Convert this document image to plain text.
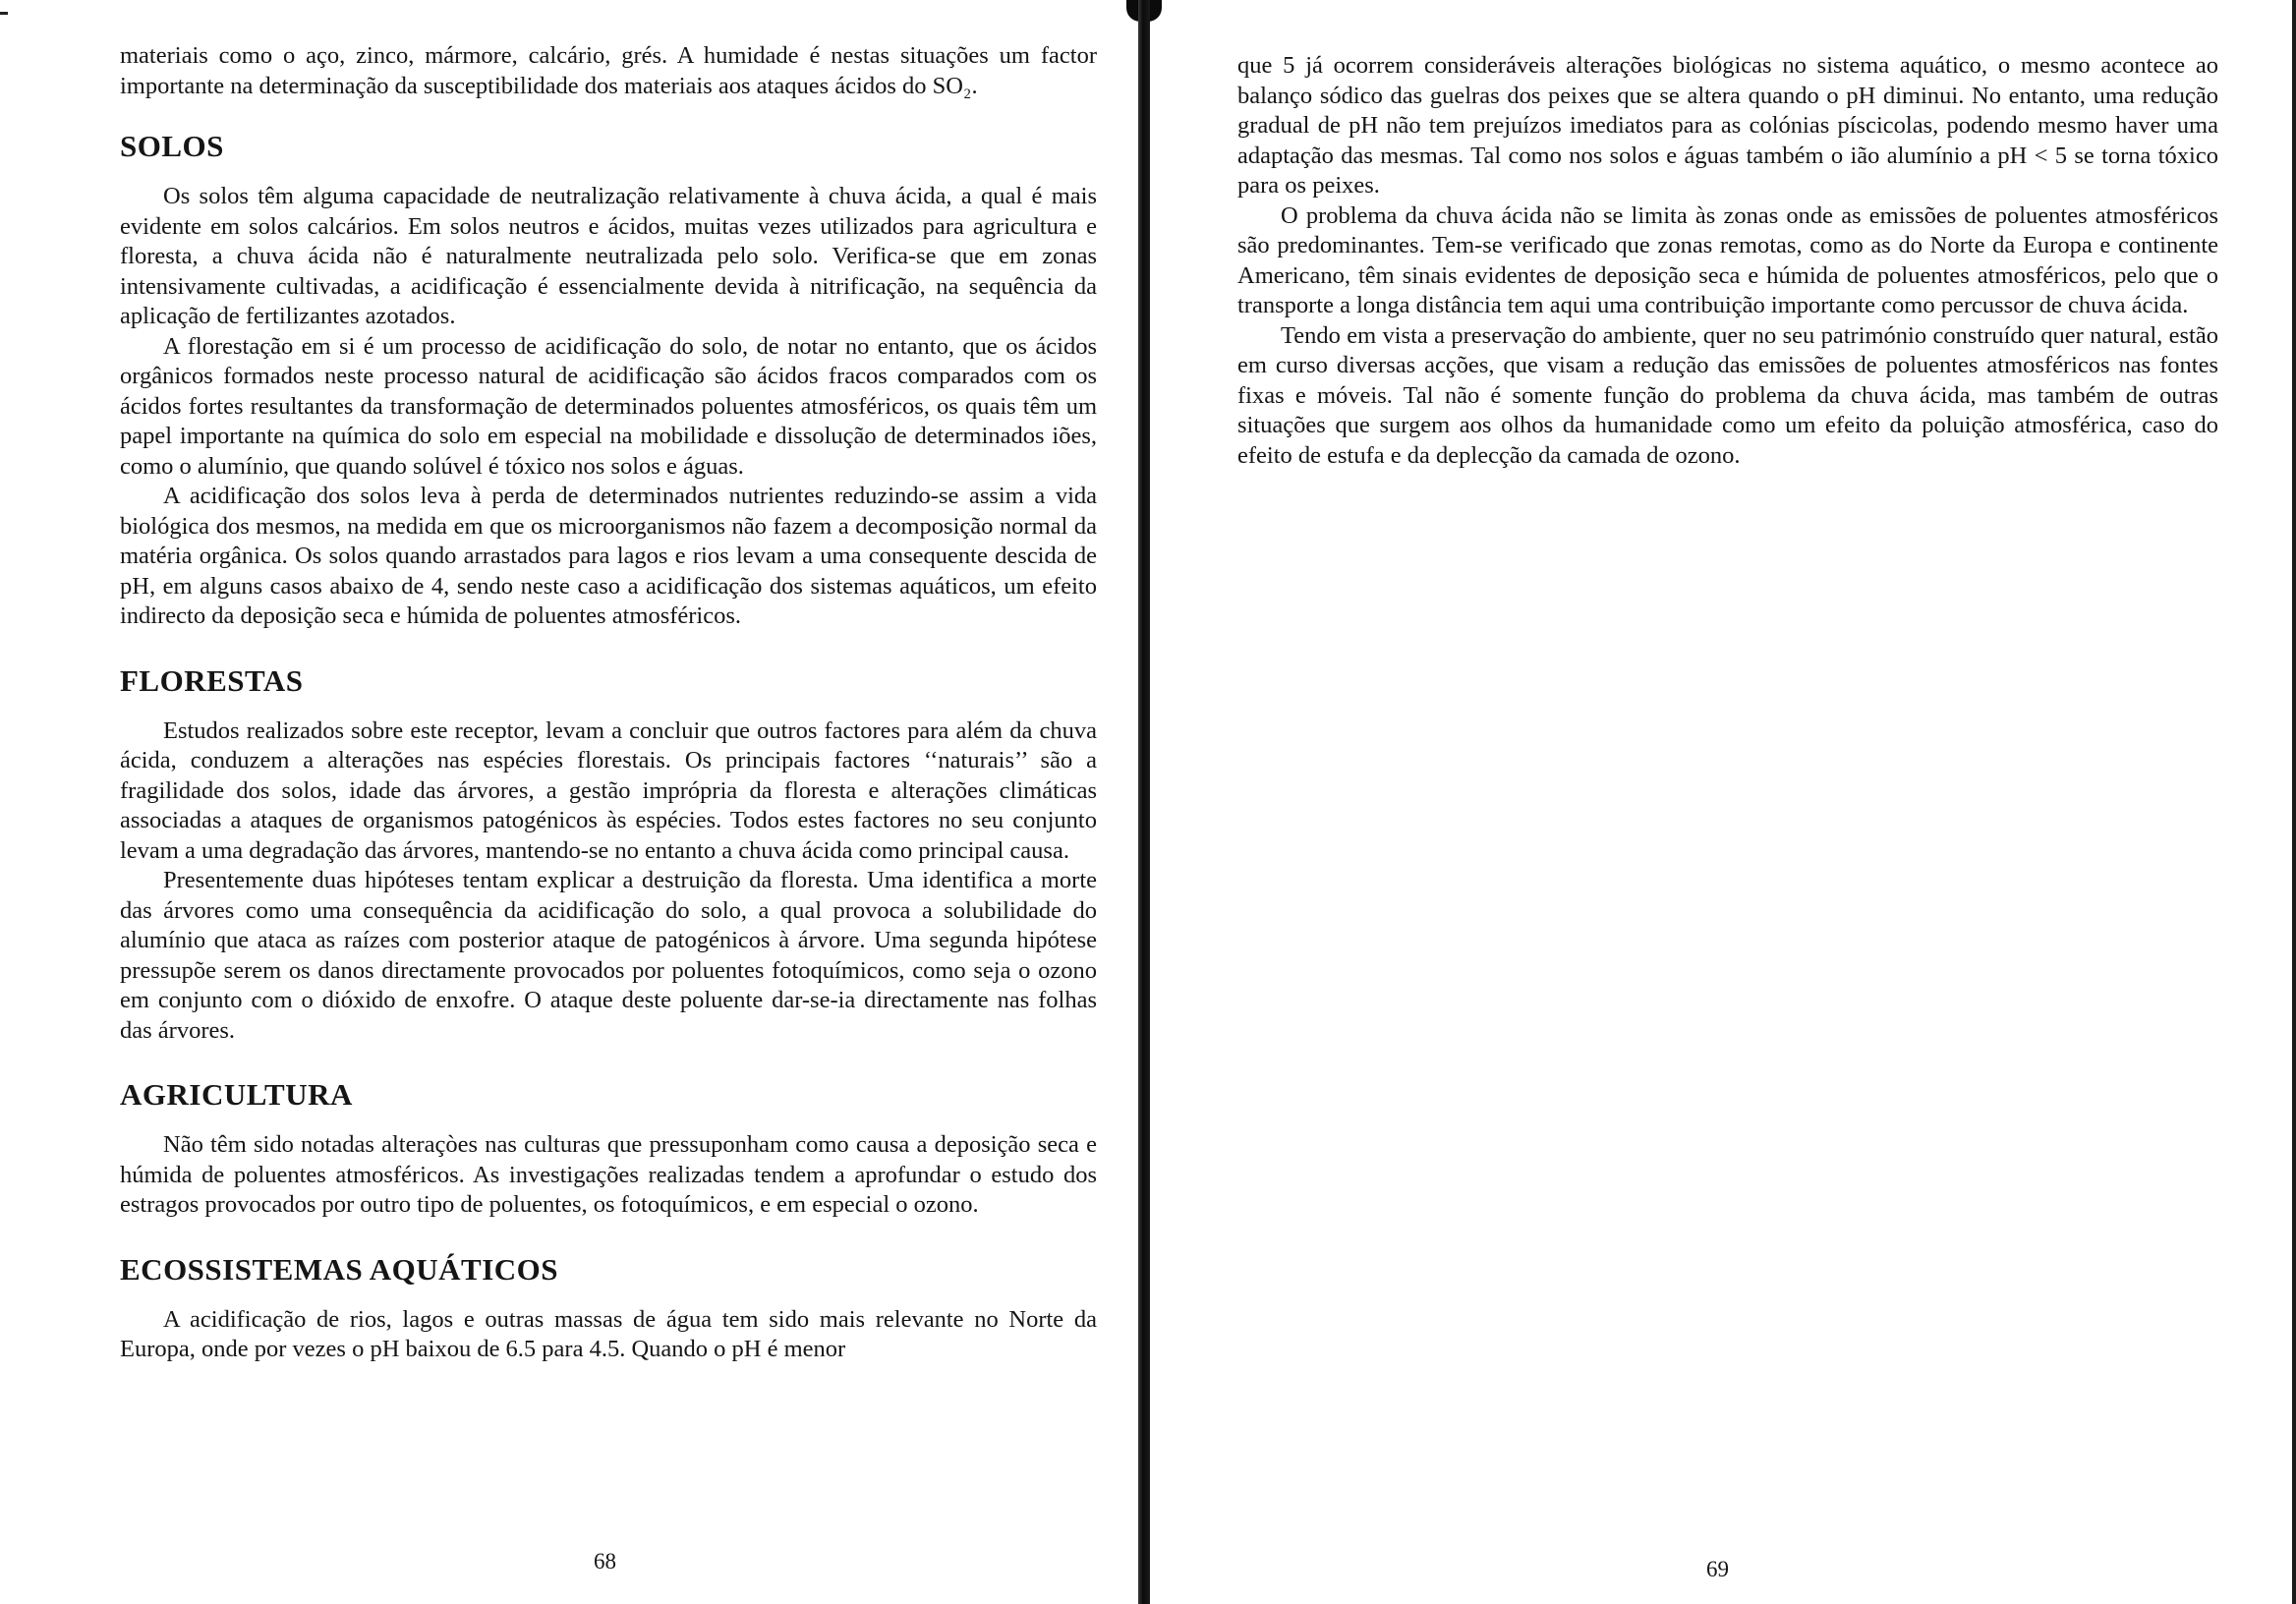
materiais como o aço, zinco, mármore, calcário, grés. A humidade é nestas situações um factor importante na determinação da susceptibilidade dos materiais aos ataques ácidos do SO₂.

SOLOS

Os solos têm alguma capacidade de neutralização relativamente à chuva ácida, a qual é mais evidente em solos calcários. Em solos neutros e ácidos, muitas vezes utilizados para agricultura e floresta, a chuva ácida não é naturalmente neutralizada pelo solo. Verifica-se que em zonas intensivamente cultivadas, a acidificação é essencialmente devida à nitrificação, na sequência da aplicação de fertilizantes azotados.

A florestação em si é um processo de acidificação do solo, de notar no entanto, que os ácidos orgânicos formados neste processo natural de acidificação são ácidos fracos comparados com os ácidos fortes resultantes da transformação de determinados poluentes atmosféricos, os quais têm um papel importante na química do solo em especial na mobilidade e dissolução de determinados iões, como o alumínio, que quando solúvel é tóxico nos solos e águas.

A acidificação dos solos leva à perda de determinados nutrientes reduzindo-se assim a vida biológica dos mesmos, na medida em que os microorganismos não fazem a decomposição normal da matéria orgânica. Os solos quando arrastados para lagos e rios levam a uma consequente descida de pH, em alguns casos abaixo de 4, sendo neste caso a acidificação dos sistemas aquáticos, um efeito indirecto da deposição seca e húmida de poluentes atmosféricos.

FLORESTAS

Estudos realizados sobre este receptor, levam a concluir que outros factores para além da chuva ácida, conduzem a alterações nas espécies florestais. Os principais factores ‘‘naturais’’ são a fragilidade dos solos, idade das árvores, a gestão imprópria da floresta e alterações climáticas associadas a ataques de organismos patogénicos às espécies. Todos estes factores no seu conjunto levam a uma degradação das árvores, mantendo-se no entanto a chuva ácida como principal causa.

Presentemente duas hipóteses tentam explicar a destruição da floresta. Uma identifica a morte das árvores como uma consequência da acidificação do solo, a qual provoca a solubilidade do alumínio que ataca as raízes com posterior ataque de patogénicos à árvore. Uma segunda hipótese pressupõe serem os danos directamente provocados por poluentes fotoquímicos, como seja o ozono em conjunto com o dióxido de enxofre. O ataque deste poluente dar-se-ia directamente nas folhas das árvores.

AGRICULTURA

Não têm sido notadas alteraçòes nas culturas que pressuponham como causa a deposição seca e húmida de poluentes atmosféricos. As investigações realizadas tendem a aprofundar o estudo dos estragos provocados por outro tipo de poluentes, os fotoquímicos, e em especial o ozono.

ECOSSISTEMAS AQUÁTICOS

A acidificação de rios, lagos e outras massas de água tem sido mais relevante no Norte da Europa, onde por vezes o pH baixou de 6.5 para 4.5. Quando o pH é menor

68

que 5 já ocorrem consideráveis alterações biológicas no sistema aquático, o mesmo acontece ao balanço sódico das guelras dos peixes que se altera quando o pH diminui. No entanto, uma redução gradual de pH não tem prejuízos imediatos para as colónias píscicolas, podendo mesmo haver uma adaptação das mesmas. Tal como nos solos e águas também o ião alumínio a pH < 5 se torna tóxico para os peixes.

O problema da chuva ácida não se limita às zonas onde as emissões de poluentes atmosféricos são predominantes. Tem-se verificado que zonas remotas, como as do Norte da Europa e continente Americano, têm sinais evidentes de deposição seca e húmida de poluentes atmosféricos, pelo que o transporte a longa distância tem aqui uma contribuição importante como percussor de chuva ácida.

Tendo em vista a preservação do ambiente, quer no seu património construído quer natural, estão em curso diversas acções, que visam a redução das emissões de poluentes atmosféricos nas fontes fixas e móveis. Tal não é somente função do problema da chuva ácida, mas também de outras situações que surgem aos olhos da humanidade como um efeito da poluição atmosférica, caso do efeito de estufa e da deplecção da camada de ozono.

69
